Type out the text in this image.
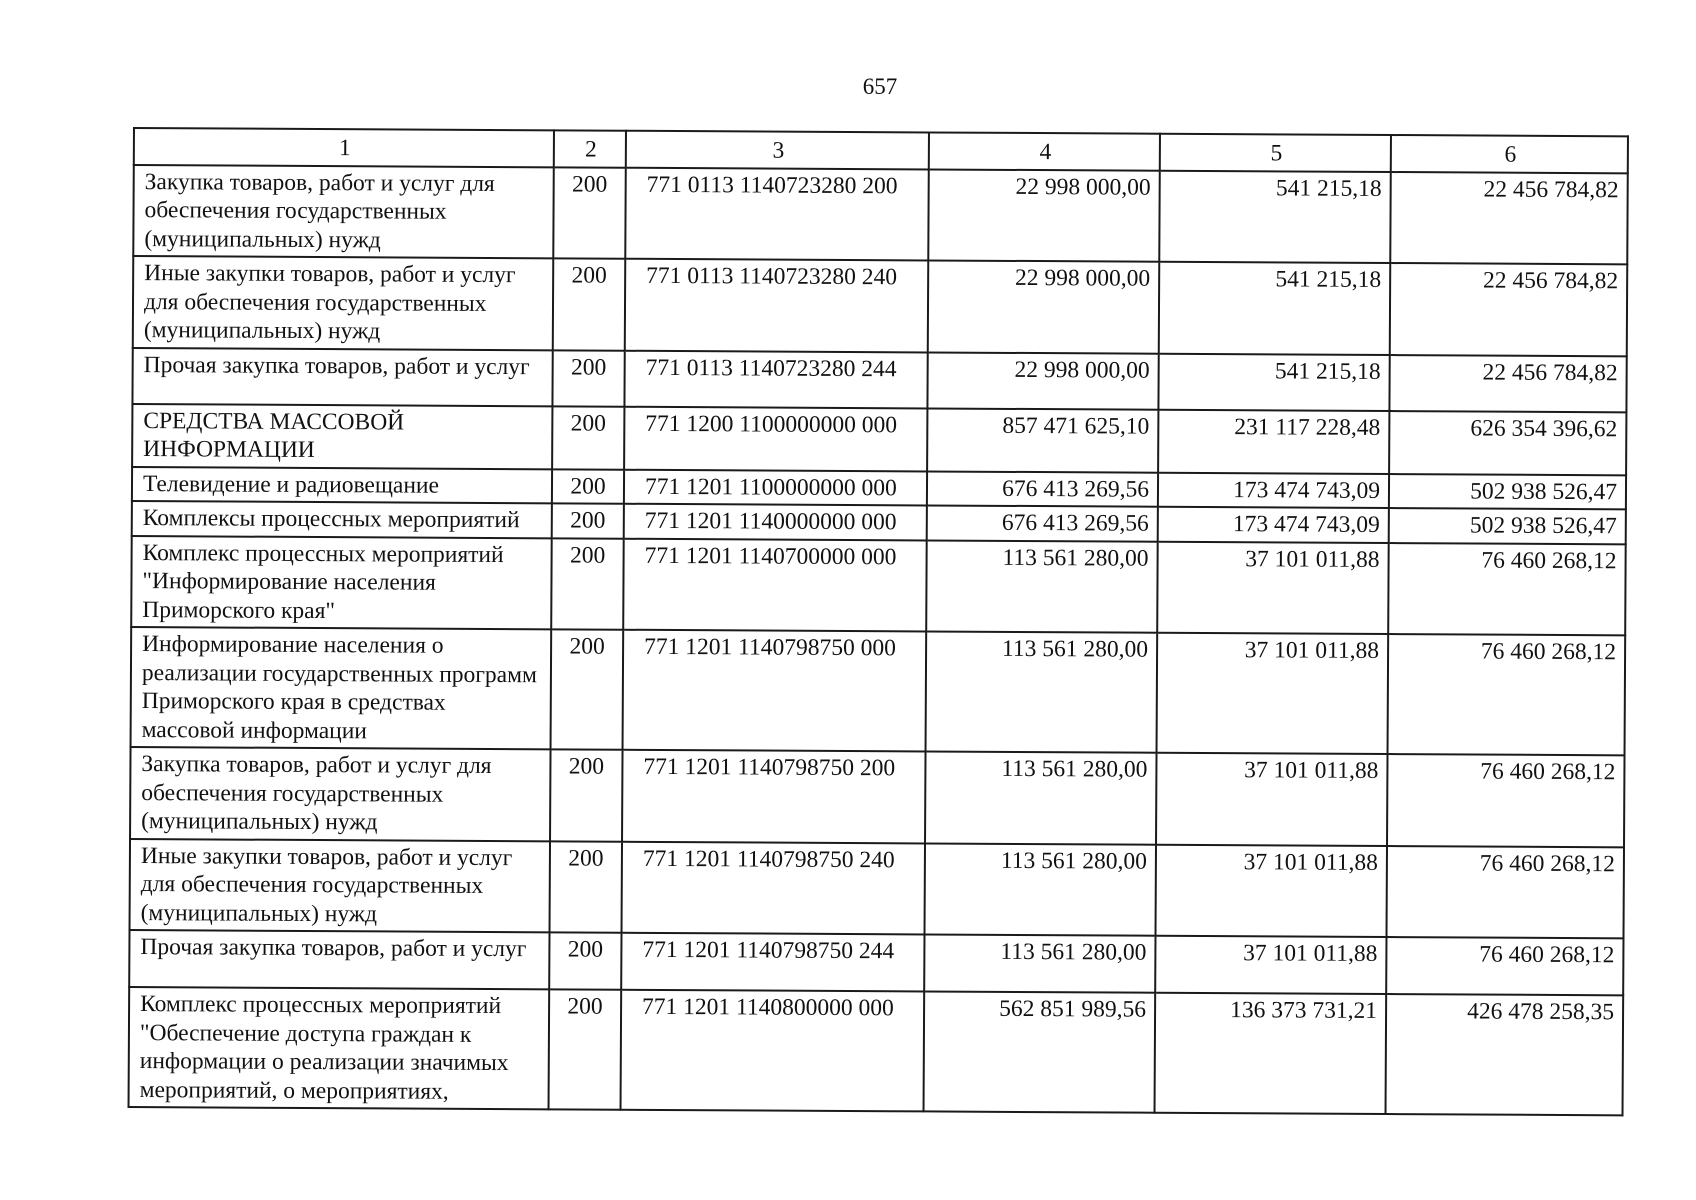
657
1	2	3	4	5	6
Закупка товаров, работ и услуг для обеспечения государственных (муниципальных) нужд	200	771 0113 1140723280 200	22 998 000,00	541 215,18	22 456 784,82
Иные закупки товаров, работ и услуг для обеспечения государственных (муниципальных) нужд	200	771 0113 1140723280 240	22 998 000,00	541 215,18	22 456 784,82
Прочая закупка товаров, работ и услуг	200	771 0113 1140723280 244	22 998 000,00	541 215,18	22 456 784,82
СРЕДСТВА МАССОВОЙ ИНФОРМАЦИИ	200	771 1200 1100000000 000	857 471 625,10	231 117 228,48	626 354 396,62
Телевидение и радиовещание	200	771 1201 1100000000 000	676 413 269,56	173 474 743,09	502 938 526,47
Комплексы процессных мероприятий	200	771 1201 1140000000 000	676 413 269,56	173 474 743,09	502 938 526,47
Комплекс процессных мероприятий "Информирование населения Приморского края"	200	771 1201 1140700000 000	113 561 280,00	37 101 011,88	76 460 268,12
Информирование населения о реализации государственных программ Приморского края в средствах массовой информации	200	771 1201 1140798750 000	113 561 280,00	37 101 011,88	76 460 268,12
Закупка товаров, работ и услуг для обеспечения государственных (муниципальных) нужд	200	771 1201 1140798750 200	113 561 280,00	37 101 011,88	76 460 268,12
Иные закупки товаров, работ и услуг для обеспечения государственных (муниципальных) нужд	200	771 1201 1140798750 240	113 561 280,00	37 101 011,88	76 460 268,12
Прочая закупка товаров, работ и услуг	200	771 1201 1140798750 244	113 561 280,00	37 101 011,88	76 460 268,12
Комплекс процессных мероприятий "Обеспечение доступа граждан к информации о реализации значимых мероприятий, о мероприятиях,	200	771 1201 1140800000 000	562 851 989,56	136 373 731,21	426 478 258,35
